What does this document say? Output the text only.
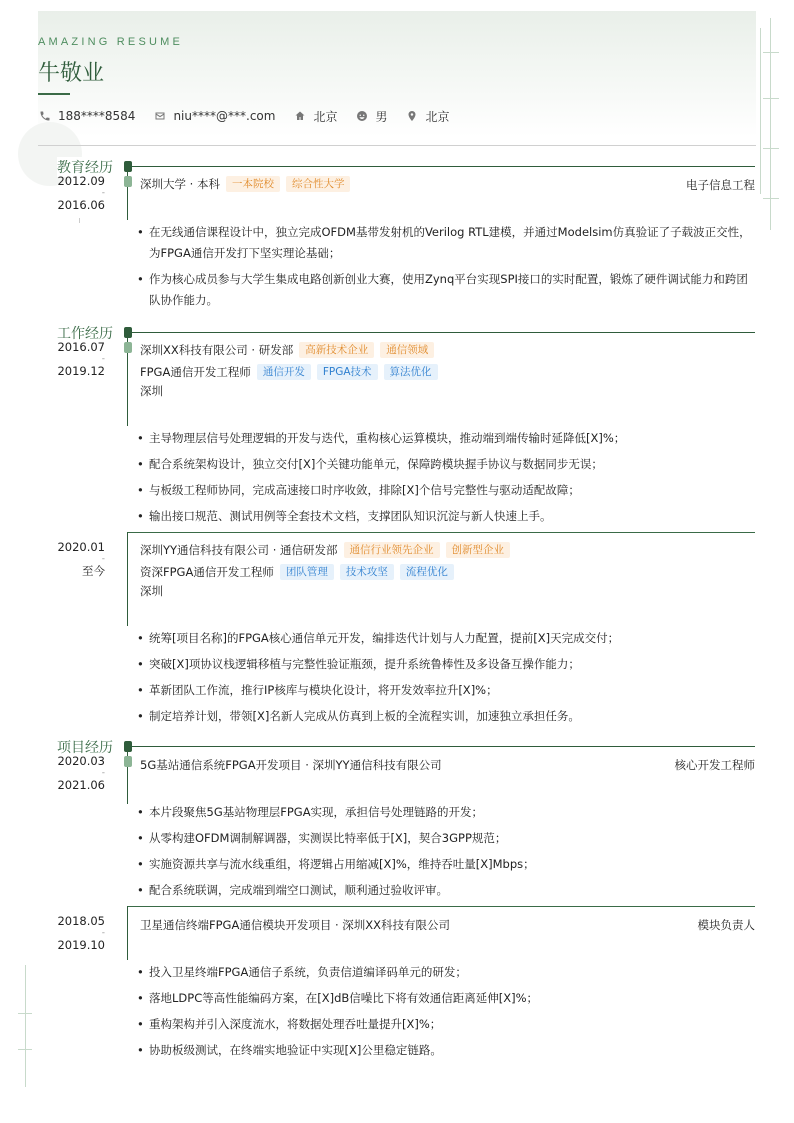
AMAZING RESUME
牛敬业
188****8584	niu****@***.com	北京	男	北京
教育经历
2012.09
-
2016.06
深圳大学 · 本科	一本院校	综合性大学	电子信息工程
• 在无线通信课程设计中，独立完成OFDM基带发射机的Verilog RTL建模，并通过Modelsim仿真验证了子载波正交性，为FPGA通信开发打下坚实理论基础；
• 作为核心成员参与大学生集成电路创新创业大赛，使用Zynq平台实现SPI接口的实时配置，锻炼了硬件调试能力和跨团队协作能力。
工作经历
2016.07
-
2019.12
深圳XX科技有限公司 · 研发部	高新技术企业	通信领域
FPGA通信开发工程师	通信开发	FPGA技术	算法优化
深圳
• 主导物理层信号处理逻辑的开发与迭代，重构核心运算模块，推动端到端传输时延降低[X]%；
• 配合系统架构设计，独立交付[X]个关键功能单元，保障跨模块握手协议与数据同步无误；
• 与板级工程师协同，完成高速接口时序收敛，排除[X]个信号完整性与驱动适配故障；
• 输出接口规范、测试用例等全套技术文档，支撑团队知识沉淀与新人快速上手。
2020.01
-
至今
深圳YY通信科技有限公司 · 通信研发部	通信行业领先企业	创新型企业
资深FPGA通信开发工程师	团队管理	技术攻坚	流程优化
深圳
• 统筹[项目名称]的FPGA核心通信单元开发，编排迭代计划与人力配置，提前[X]天完成交付；
• 突破[X]项协议栈逻辑移植与完整性验证瓶颈，提升系统鲁棒性及多设备互操作能力；
• 革新团队工作流，推行IP核库与模块化设计，将开发效率拉升[X]%；
• 制定培养计划，带领[X]名新人完成从仿真到上板的全流程实训，加速独立承担任务。
项目经历
2020.03
-
2021.06
5G基站通信系统FPGA开发项目 · 深圳YY通信科技有限公司	核心开发工程师
• 本片段聚焦5G基站物理层FPGA实现，承担信号处理链路的开发；
• 从零构建OFDM调制解调器，实测误比特率低于[X]，契合3GPP规范；
• 实施资源共享与流水线重组，将逻辑占用缩减[X]%，维持吞吐量[X]Mbps；
• 配合系统联调，完成端到端空口测试，顺利通过验收评审。
2018.05
-
2019.10
卫星通信终端FPGA通信模块开发项目 · 深圳XX科技有限公司	模块负责人
• 投入卫星终端FPGA通信子系统，负责信道编译码单元的研发；
• 落地LDPC等高性能编码方案，在[X]dB信噪比下将有效通信距离延伸[X]%；
• 重构架构并引入深度流水，将数据处理吞吐量提升[X]%；
• 协助板级测试，在终端实地验证中实现[X]公里稳定链路。
